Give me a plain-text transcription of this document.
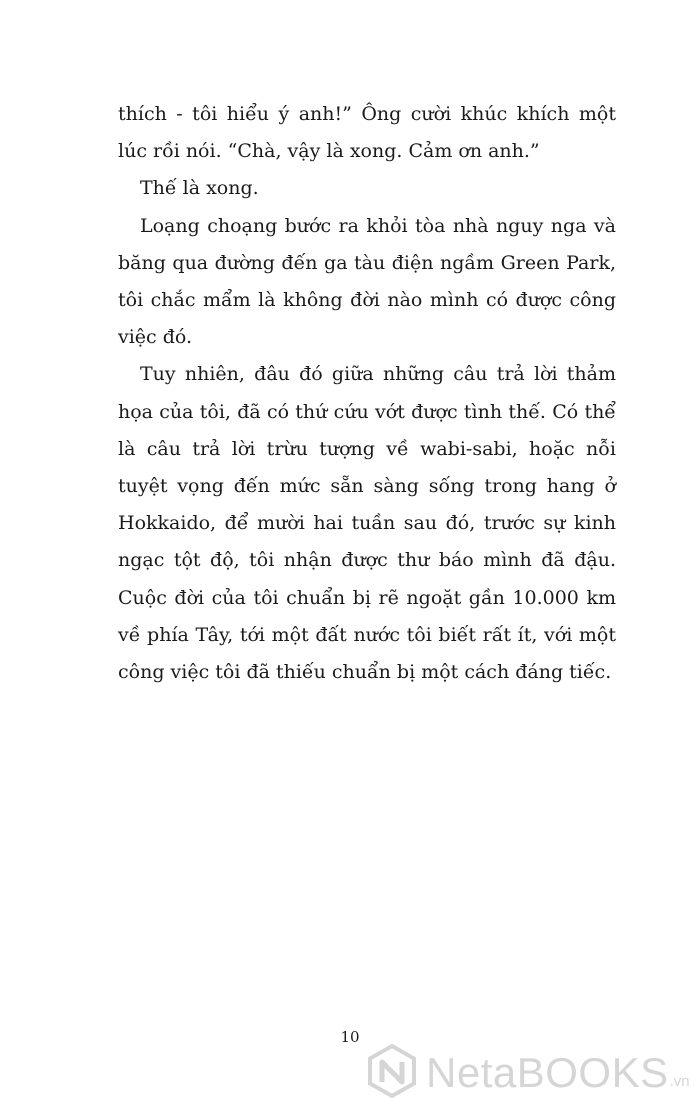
thích - tôi hiểu ý anh!” Ông cười khúc khích một lúc rồi nói. “Chà, vậy là xong. Cảm ơn anh.”

Thế là xong.

Loạng choạng bước ra khỏi tòa nhà nguy nga và băng qua đường đến ga tàu điện ngầm Green Park, tôi chắc mẩm là không đời nào mình có được công việc đó.

Tuy nhiên, đâu đó giữa những câu trả lời thảm họa của tôi, đã có thứ cứu vớt được tình thế. Có thể là câu trả lời trừu tượng về wabi-sabi, hoặc nỗi tuyệt vọng đến mức sẵn sàng sống trong hang ở Hokkaido, để mười hai tuần sau đó, trước sự kinh ngạc tột độ, tôi nhận được thư báo mình đã đậu. Cuộc đời của tôi chuẩn bị rẽ ngoặt gần 10.000 km về phía Tây, tới một đất nước tôi biết rất ít, với một công việc tôi đã thiếu chuẩn bị một cách đáng tiếc.

10
NetaBOOKS .vn
